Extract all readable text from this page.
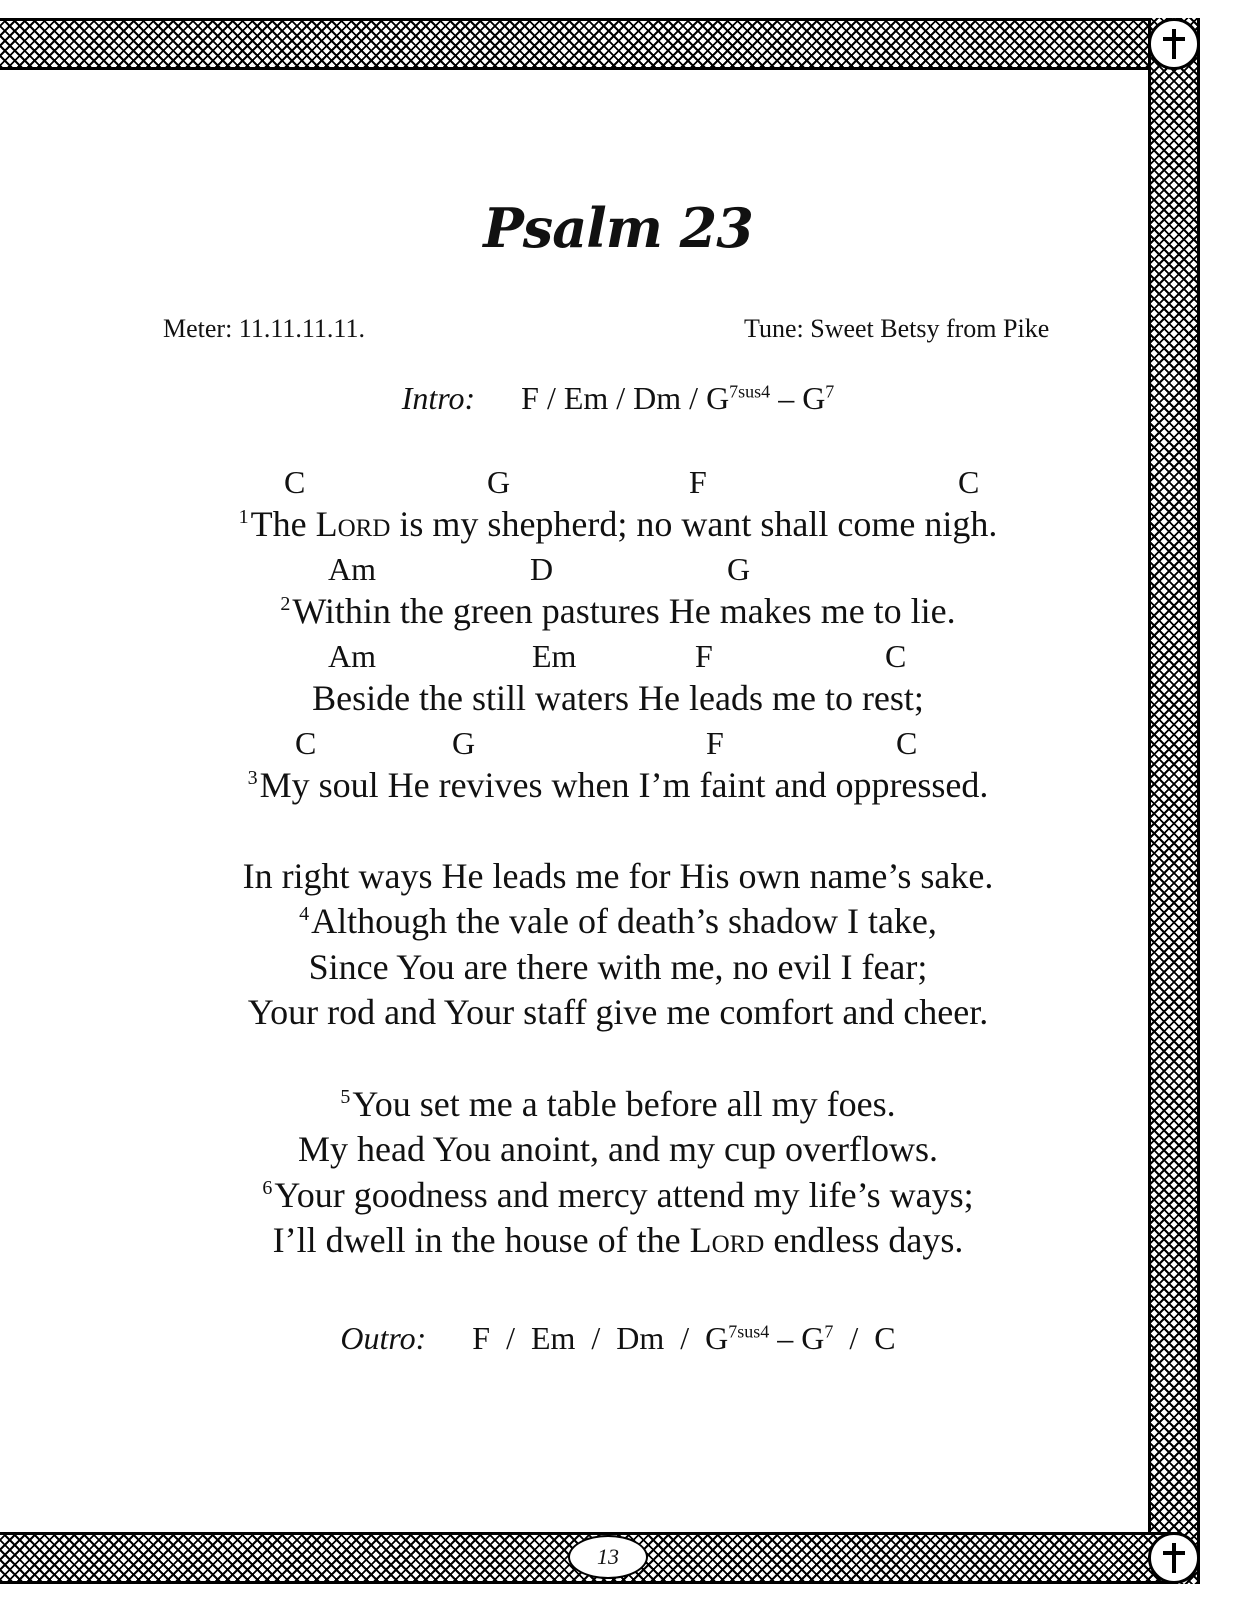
13
Psalm 23
Meter: 11.11.11.11.	Tune: Sweet Betsy from Pike
Intro: F / Em / Dm / $G^{7sus4} - G^7$
C	G	F	C
$^1$The Lord is my shepherd; no want shall come nigh.
Am	D	G
$^2$Within the green pastures He makes me to lie.
Am	Em	F	C
Beside the still waters He leads me to rest;
C	G	F	C
$^3$My soul He revives when I’m faint and oppressed.
In right ways He leads me for His own name’s sake.
$^4$Although the vale of death’s shadow I take,
Since You are there with me, no evil I fear;
Your rod and Your staff give me comfort and cheer.
$^5$You set me a table before all my foes.
My head You anoint, and my cup overflows.
$^6$Your goodness and mercy attend my life’s ways;
I’ll dwell in the house of the Lord endless days.
Outro: F  /  Em  /  Dm  /  $G^{7sus4} - G^7$  /  C
